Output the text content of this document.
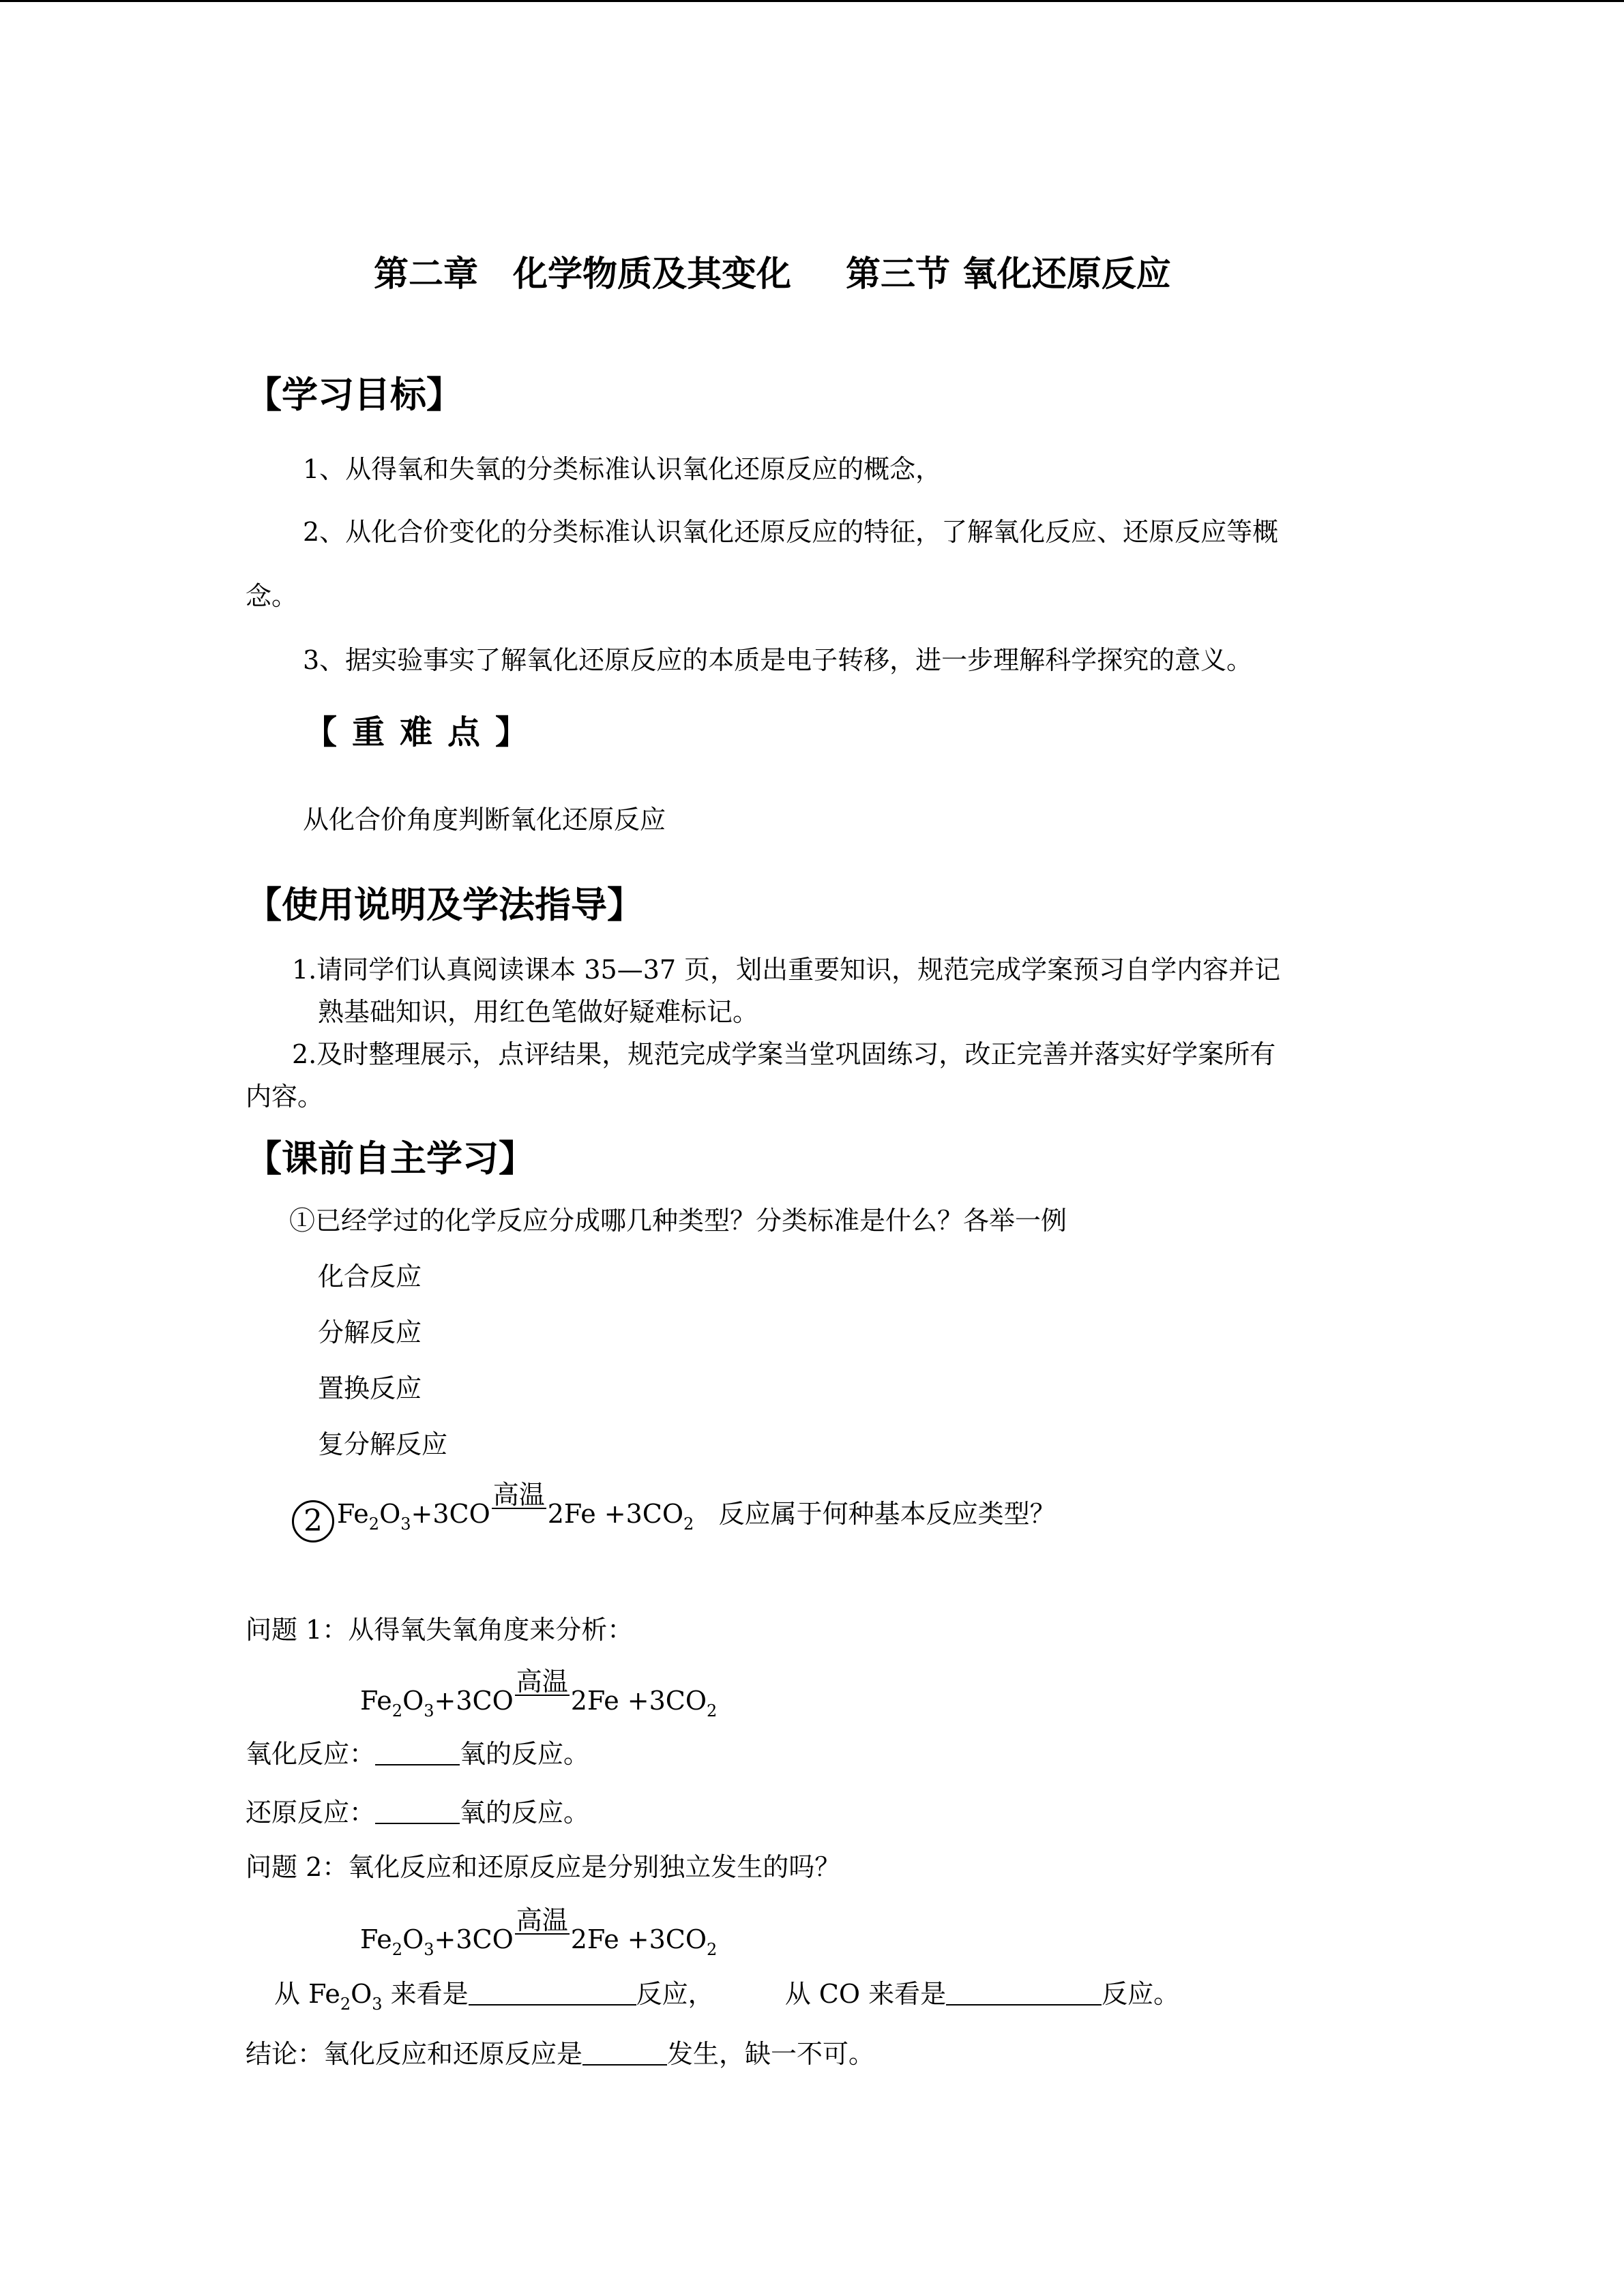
第二章　化学物质及其变化 第三节 氧化还原反应
【学习目标】
1、从得氧和失氧的分类标准认识氧化还原反应的概念，
2、从化合价变化的分类标准认识氧化还原反应的特征，了解氧化反应、还原反应等概
念。
3、据实验事实了解氧化还原反应的本质是电子转移，进一步理解科学探究的意义。
【重难点】
从化合价角度判断氧化还原反应
【使用说明及学法指导】
1.请同学们认真阅读课本 35—37 页，划出重要知识，规范完成学案预习自学内容并记
熟基础知识，用红色笔做好疑难标记。
2.及时整理展示，点评结果，规范完成学案当堂巩固练习，改正完善并落实好学案所有
内容。
【课前自主学习】
①已经学过的化学反应分成哪几种类型？分类标准是什么？各举一例
化合反应
分解反应
置换反应
复分解反应
2 $Fe_2O_3+3CO$
高温
$2Fe +3CO_2$ 反应属于何种基本反应类型？
问题 1：从得氧失氧角度来分析：
$Fe_2O_3+3CO$
高温
$2Fe +3CO_2$
氧化反应：	氧的反应。
还原反应：	氧的反应。
问题 2：氧化反应和还原反应是分别独立发生的吗？
$Fe_2O_3+3CO$
高温
$2Fe +3CO_2$
从 $Fe_2O_3$ 来看是	反应，	从 CO 来看是	反应。
结论：氧化反应和还原反应是	发生，缺一不可。
